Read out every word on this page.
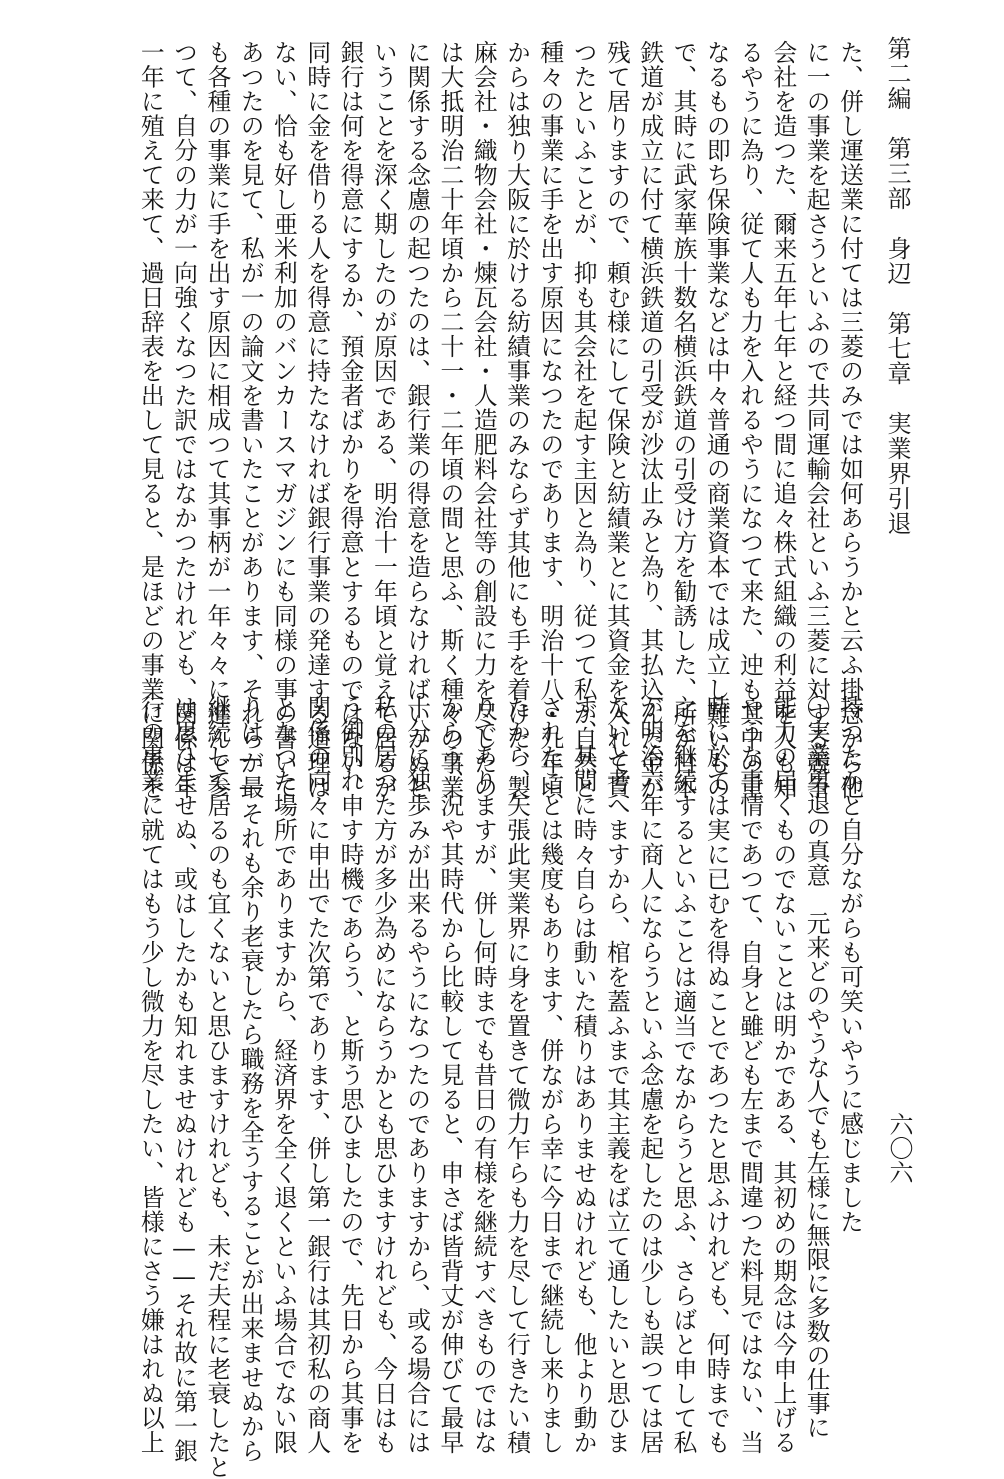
第二編　第三部　身辺　第七章　実業界引退
六〇六
た、併し運送業に付ては三菱のみでは如何あらうかと云ふ掛念から他
に一の事業を起さうといふので共同運輸会社といふ三菱に対する競争
会社を造つた、爾来五年七年と経つ間に追々株式組織の利益を人も知
るやうに為り、従て人も力を入れるやうになつて来た、迚も其中の重
なるもの即ち保険事業などは中々普通の商業資本では成立し難いもの
で、其時に武家華族十数名横浜鉄道の引受け方を勧誘した、所が日本
鉄道が成立に付て横浜鉄道の引受が沙汰止みと為り、其払込んだ金が
残て居りますので、頼む様にして保険と紡績業とに其資金を入れて貰
つたといふことが、抑も其会社を起す主因と為り、従つて私が自然と
種々の事業に手を出す原因になつたのであります、明治十八・九年頃
からは独り大阪に於ける紡績事業のみならず其他にも手を着けた、製
麻会社・織物会社・煉瓦会社・人造肥料会社等の創設に力を尽したの
は大抵明治二十年頃から二十一・二年頃の間と思ふ、斯く種々の事業
に関係する念慮の起つたのは、銀行業の得意を造らなければいかぬと
いうことを深く期したのが原因である、明治十一年頃と覚えて居るが
銀行は何を得意にするか、預金者ばかりを得意とするものではない、
同時に金を借りる人を得意に持たなければ銀行事業の発達する道理は
ない、恰も好し亜米利加のバンカースマガジンにも同様の事の書いて
あつたのを見て、私が一の論文を書いたことがあります、それらが最
も各種の事業に手を出す原因に相成つて其事柄が一年々々に進んで参
つて、自分の力が一向強くなつた訳ではなかつたけれども、関係は年
一年に殖えて来て、過日辞表を出して見ると、是ほどの事業に関係を
持つたかと自分ながらも可笑いやうに感じました
〇実業勇退の真意　元来どのやうな人でも左様に無限に多数の仕事に
能力の届くものでないことは明かである、其初めの期念は今申上げる
やうな事情であつて、自身と雖ども左まで間違つた料見ではない、当
時に於ては実に已むを得ぬことであつたと思ふけれども、何時までも
之を継続するといふことは適当でなからうと思ふ、さらばと申して私
が明治六年に商人にならうといふ念慮を起したのは少しも誤つては居
ないと考へますから、棺を蓋ふまで其主義をば立て通したいと思ひま
す、其間に時々自らは動いた積りはありませぬけれども、他より動か
されたことは幾度もあります、併ながら幸に今日まで継続し来りまし
たから、矢張此実業界に身を置きて微力乍らも力を尽して行きたい積
りでありますが、併し何時までも昔日の有様を継続すべきものではな
からう、況や其時代から比較して見ると、申さば皆背丈が伸びて最早
十分に独歩みが出来るやうになつたのでありますから、或る場合には
私の居つた方が多少為めにならうかとも思ひますけれども、今日はも
う御別れ申す時機であらう、と斯う思ひましたので、先日から其事を
関係の向々に申出でた次第であります、併し第一銀行は其初私の商人
となつた場所でありますから、経済界を全く退くといふ場合でない限
りは——それも余り老衰したら職務を全うすることが出来ませぬから
継続して居るのも宜くないと思ひますけれども、未だ夫程に老衰したと
は思ひませぬ、或はしたかも知れませぬけれども——それ故に第一銀
行の事業に就てはもう少し微力を尽したい、皆様にさう嫌はれぬ以上
